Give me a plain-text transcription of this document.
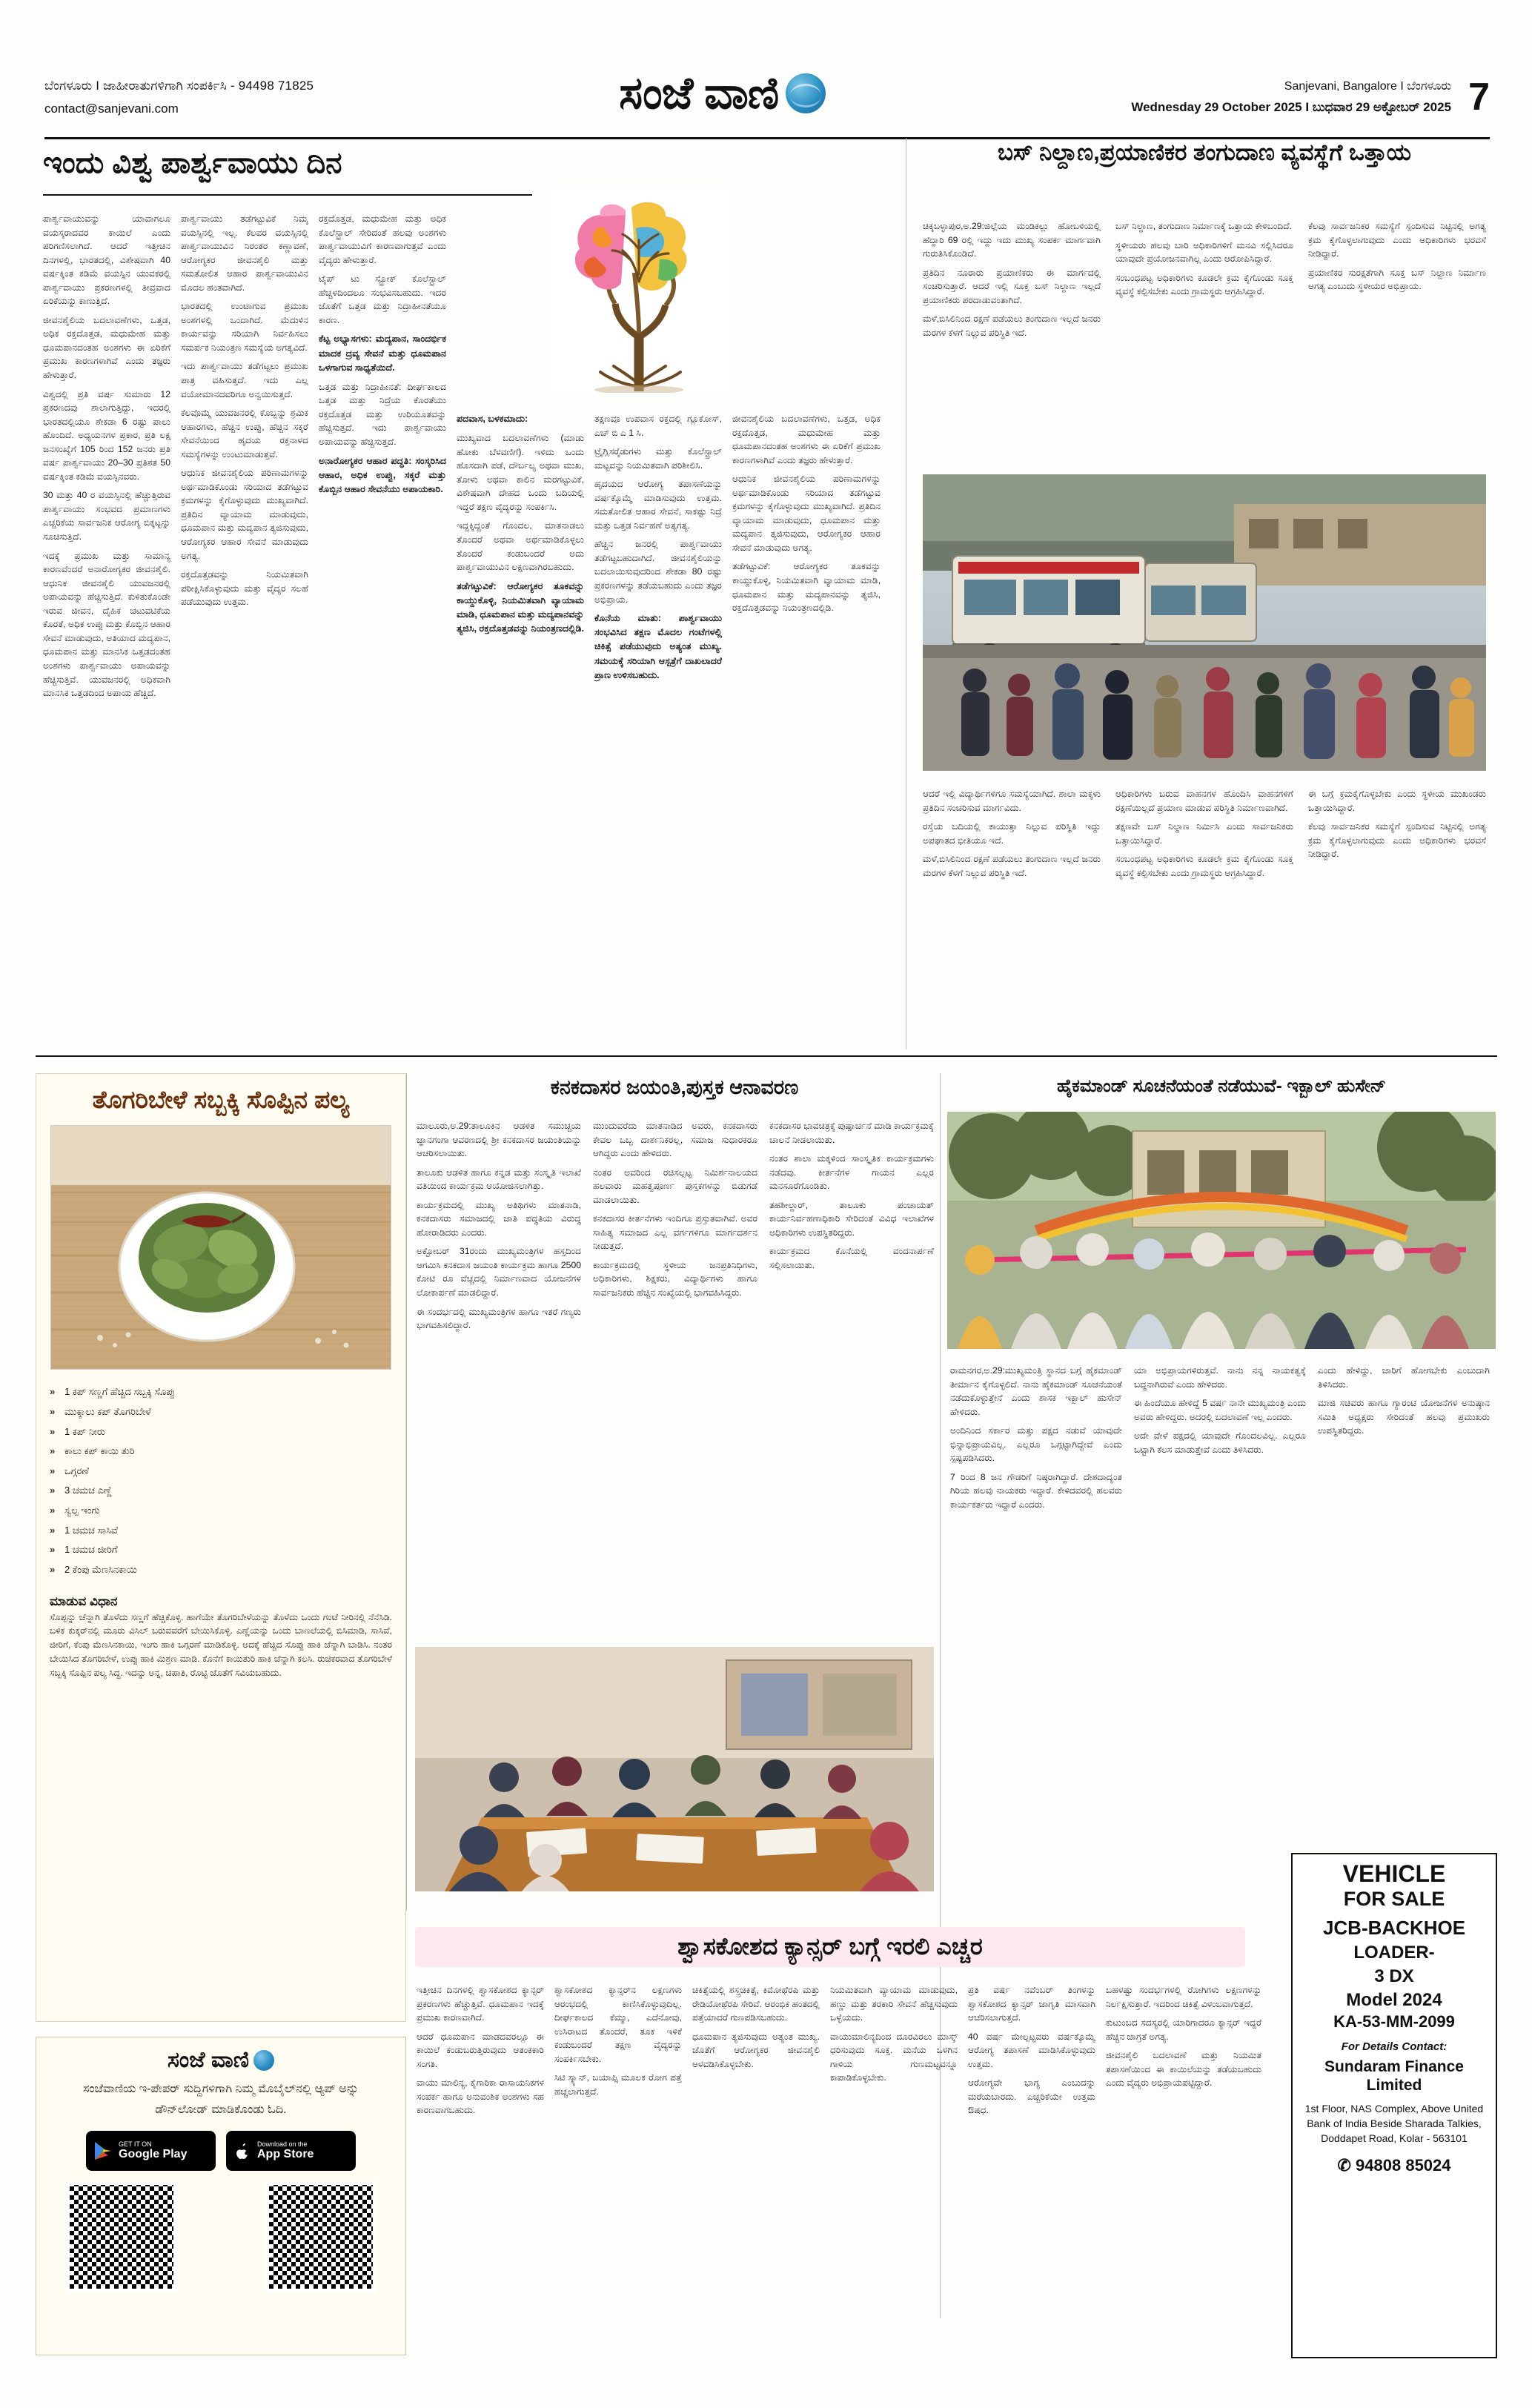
ಬೆಂಗಳೂರು I ಜಾಹೀರಾತುಗಳಿಗಾಗಿ ಸಂಪರ್ಕಿಸಿ - 94498 71825
contact@sanjevani.com	ಸಂಜೆ ವಾಣಿ	Sanjevani, Bangalore I ಬೆಂಗಳೂರು
Wednesday 29 October 2025 I ಬುಧವಾರ 29 ಅಕ್ಟೋಬರ್ 2025 7
ಇಂದು ವಿಶ್ವ ಪಾರ್ಶ್ವವಾಯು ದಿನ

ಪಾರ್ಶ್ವವಾಯುವನ್ನು ಯಾವಾಗಲೂ ವಯಸ್ಕರಾದವರ ಕಾಯಿಲೆ ಎಂದು ಪರಿಗಣಿಸಲಾಗಿದೆ. ಆದರೆ ಇತ್ತೀಚಿನ ದಿನಗಳಲ್ಲಿ, ಭಾರತದಲ್ಲಿ, ವಿಶೇಷವಾಗಿ 40 ವರ್ಷಕ್ಕಿಂತ ಕಡಿಮೆ ವಯಸ್ಸಿನ ಯುವಕರಲ್ಲಿ ಪಾರ್ಶ್ವವಾಯು ಪ್ರಕರಣಗಳಲ್ಲಿ ತೀವ್ರವಾದ ಏರಿಕೆಯನ್ನು ಕಾಣುತ್ತಿದೆ.

ಜೀವನಶೈಲಿಯ ಬದಲಾವಣೆಗಳು, ಒತ್ತಡ, ಅಧಿಕ ರಕ್ತದೊತ್ತಡ, ಮಧುಮೇಹ ಮತ್ತು ಧೂಮಪಾನದಂತಹ ಅಂಶಗಳು ಈ ಏರಿಕೆಗೆ ಪ್ರಮುಖ ಕಾರಣಗಳಾಗಿವೆ ಎಂದು ತಜ್ಞರು ಹೇಳುತ್ತಾರೆ.

ವಿಶ್ವದಲ್ಲಿ ಪ್ರತಿ ವರ್ಷ ಸುಮಾರು 12 ಪ್ರಕರಣದವು ಶಾಲಾಗುತ್ತಿದ್ದು, ಇದರಲ್ಲಿ ಭಾರತದಲ್ಲಿಯೂ ಶೇಕಡಾ 6 ರಷ್ಟು ಪಾಲು ಹೊಂದಿದೆ. ಅಧ್ಯಯನಗಳ ಪ್ರಕಾರ, ಪ್ರತಿ ಲಕ್ಷ ಜನಸಂಖ್ಯೆಗೆ 105 ರಿಂದ 152 ಜನರು ಪ್ರತಿ ವರ್ಷ ಪಾರ್ಶ್ವವಾಯು 20–30 ಪ್ರತಿಶತ 50 ವರ್ಷಕ್ಕಿಂತ ಕಡಿಮೆ ವಯಸ್ಸಿನವರು.

30 ಮತ್ತು 40 ರ ವಯಸ್ಸಿನಲ್ಲಿ ಹೆಚ್ಚುತ್ತಿರುವ ಪಾರ್ಶ್ವವಾಯು ಸಂಭವದ ಪ್ರಮಾಣಗಳು ಎಚ್ಚರಿಕೆಯ ಸಾರ್ವಜನಿಕ ಆರೋಗ್ಯ ಬಿಕ್ಕಟ್ಟನ್ನು ಸೂಚಿಸುತ್ತಿದೆ.

ಇದಕ್ಕೆ ಪ್ರಮುಖ ಮತ್ತು ಸಾಮಾನ್ಯ ಕಾರಣವೆಂದರೆ ಅನಾರೋಗ್ಯಕರ ಜೀವನಶೈಲಿ. ಆಧುನಿಕ ಜೀವನಶೈಲಿ ಯುವಜನರಲ್ಲಿ ಅಪಾಯವನ್ನು ಹೆಚ್ಚಿಸುತ್ತಿದೆ. ಕುಳಿತುಕೊಂಡೇ ಇರುವ ಜೀವನ, ದೈಹಿಕ ಚಟುವಟಿಕೆಯ ಕೊರತೆ, ಅಧಿಕ ಉಪ್ಪು ಮತ್ತು ಕೊಬ್ಬಿನ ಆಹಾರ ಸೇವನೆ ಮಾಡುವುದು, ಅತಿಯಾದ ಮದ್ಯಪಾನ, ಧೂಮಪಾನ ಮತ್ತು ಮಾನಸಿಕ ಒತ್ತಡದಂತಹ ಅಂಶಗಳು ಪಾರ್ಶ್ವವಾಯು ಅಪಾಯವನ್ನು ಹೆಚ್ಚಿಸುತ್ತಿವೆ. ಯುವಜನರಲ್ಲಿ ಅಧಿಕವಾಗಿ ಮಾನಸಿಕ ಒತ್ತಡದಿಂದ ಅಪಾಯ ಹೆಚ್ಚಿದೆ.

ಪಾರ್ಶ್ವವಾಯು ತಡೆಗಟ್ಟುವಿಕೆ ನಿಮ್ಮ ವಯಸ್ಸಿನಲ್ಲಿ ಇಲ್ಲ. ಕೆಲವರ ವಯಸ್ಸಿನಲ್ಲಿ ಪಾರ್ಶ್ವವಾಯುವಿನ ನಿರಂತರ ಕಣ್ಣಾವಣೆ, ಆರೋಗ್ಯಕರ ಜೀವನಶೈಲಿ ಮತ್ತು ಸಮತೋಲಿತ ಆಹಾರ ಪಾರ್ಶ್ವವಾಯುವಿನ ಮೊದಲ ಹಂತವಾಗಿದೆ.

ಭಾರತದಲ್ಲಿ ಉಂಟಾಗುವ ಪ್ರಮುಖ ಅಂಶಗಳಲ್ಲಿ ಒಂದಾಗಿದೆ. ಮೆದುಳಿನ ಕಾರ್ಯವನ್ನು ಸರಿಯಾಗಿ ನಿರ್ವಹಿಸಲು ಸಮರ್ಪಕ ನಿಯಂತ್ರಣ ಸಮಸ್ಯೆಯ ಅಗತ್ಯವಿದೆ.

ಇದು ಪಾರ್ಶ್ವವಾಯು ತಡೆಗಟ್ಟಲು ಪ್ರಮುಖ ಪಾತ್ರ ವಹಿಸುತ್ತದೆ. ಇದು ಎಲ್ಲ ವಯೋಮಾನದವರಿಗೂ ಅನ್ವಯಿಸುತ್ತದೆ.

ಕೆಲವೊಮ್ಮೆ ಯುವಜನರಲ್ಲಿ ಕೊಬ್ಬನ್ನು ಶ್ರಮಿಕ ಆಹಾರಗಳು, ಹೆಚ್ಚಿನ ಉಪ್ಪು, ಹೆಚ್ಚಿನ ಸಕ್ಕರೆ ಸೇವನೆಯಿಂದ ಹೃದಯ ರಕ್ತನಾಳದ ಸಮಸ್ಯೆಗಳನ್ನು ಉಂಟುಮಾಡುತ್ತವೆ.

ಆಧುನಿಕ ಜೀವನಶೈಲಿಯ ಪರಿಣಾಮಗಳನ್ನು ಅರ್ಥಮಾಡಿಕೊಂಡು ಸರಿಯಾದ ತಡೆಗಟ್ಟುವ ಕ್ರಮಗಳನ್ನು ಕೈಗೊಳ್ಳುವುದು ಮುಖ್ಯವಾಗಿದೆ. ಪ್ರತಿದಿನ ವ್ಯಾಯಾಮ ಮಾಡುವುದು, ಧೂಮಪಾನ ಮತ್ತು ಮದ್ಯಪಾನ ತ್ಯಜಿಸುವುದು, ಆರೋಗ್ಯಕರ ಆಹಾರ ಸೇವನೆ ಮಾಡುವುದು ಅಗತ್ಯ.

ರಕ್ತದೊತ್ತಡವನ್ನು ನಿಯಮಿತವಾಗಿ ಪರೀಕ್ಷಿಸಿಕೊಳ್ಳುವುದು ಮತ್ತು ವೈದ್ಯರ ಸಲಹೆ ಪಡೆಯುವುದು ಉತ್ತಮ.

ರಕ್ತದೊತ್ತಡ, ಮಧುಮೇಹ ಮತ್ತು ಅಧಿಕ ಕೊಲೆಸ್ಟ್ರಾಲ್ ಸೇರಿದಂತೆ ಹಲವು ಅಂಶಗಳು ಪಾರ್ಶ್ವವಾಯುವಿಗೆ ಕಾರಣವಾಗುತ್ತವೆ ಎಂದು ವೈದ್ಯರು ಹೇಳುತ್ತಾರೆ.

ಟೈಪ್ ಟು ಸ್ಟ್ರೋಕ್ ಕೊಲೆಸ್ಟ್ರಾಲ್ ಹೆಚ್ಚಳದಿಂದಲೂ ಸಂಭವಿಸಬಹುದು. ಇದರ ಜೊತೆಗೆ ಒತ್ತಡ ಮತ್ತು ನಿದ್ರಾಹೀನತೆಯೂ ಕಾರಣ.

ಕೆಟ್ಟ ಅಭ್ಯಾಸಗಳು: ಮದ್ಯಪಾನ, ಸಾಂದರ್ಭಿಕ ಮಾದಕ ದ್ರವ್ಯ ಸೇವನೆ ಮತ್ತು ಧೂಮಪಾನ ಒಳಗಾಗುವ ಸಾಧ್ಯತೆಯಿದೆ.

ಒತ್ತಡ ಮತ್ತು ನಿದ್ರಾಹೀನತೆ: ದೀರ್ಘಕಾಲದ ಒತ್ತಡ ಮತ್ತು ನಿದ್ರೆಯ ಕೊರತೆಯು ರಕ್ತದೊತ್ತಡ ಮತ್ತು ಉರಿಯೂತವನ್ನು ಹೆಚ್ಚಿಸುತ್ತದೆ. ಇದು ಪಾರ್ಶ್ವವಾಯು ಅಪಾಯವನ್ನು ಹೆಚ್ಚಿಸುತ್ತದೆ.

ಅನಾರೋಗ್ಯಕರ ಆಹಾರ ಪದ್ಧತಿ: ಸಂಸ್ಕರಿಸಿದ ಆಹಾರ, ಅಧಿಕ ಉಪ್ಪು, ಸಕ್ಕರೆ ಮತ್ತು ಕೊಬ್ಬಿನ ಆಹಾರ ಸೇವನೆಯು ಅಪಾಯಕಾರಿ.

ಪದವಾಸ, ಬಳಕಮಾದು:

ಮುಖ್ಯವಾದ ಬದಲಾವಣೆಗಳು (ಮಾಡು ಹೋಕು ಬೆಳವಣಿಗೆ). ಇಳಿದು ಒಂದು ಹೊಸದಾಗಿ ಪಡೆ, ದೌರ್ಬಲ್ಯ ಅಥವಾ ಮುಖ, ತೋಳು ಅಥವಾ ಕಾಲಿನ ಮರಗಟ್ಟುವಿಕೆ, ವಿಶೇಷವಾಗಿ ದೇಹದ ಒಂದು ಬದಿಯಲ್ಲಿ ಇದ್ದರೆ ತಕ್ಷಣ ವೈದ್ಯರನ್ನು ಸಂಪರ್ಕಿಸಿ.

ಇದ್ದಕ್ಕಿದ್ದಂತೆ ಗೊಂದಲ, ಮಾತನಾಡಲು ತೊಂದರೆ ಅಥವಾ ಅರ್ಥಮಾಡಿಕೊಳ್ಳಲು ತೊಂದರೆ ಕಂಡುಬಂದರೆ ಅದು ಪಾರ್ಶ್ವವಾಯುವಿನ ಲಕ್ಷಣವಾಗಿರಬಹುದು.

ತಡೆಗಟ್ಟುವಿಕೆ: ಆರೋಗ್ಯಕರ ತೂಕವನ್ನು ಕಾಯ್ದುಕೊಳ್ಳಿ, ನಿಯಮಿತವಾಗಿ ವ್ಯಾಯಾಮ ಮಾಡಿ, ಧೂಮಪಾನ ಮತ್ತು ಮದ್ಯಪಾನವನ್ನು ತ್ಯಜಿಸಿ, ರಕ್ತದೊತ್ತಡವನ್ನು ನಿಯಂತ್ರಣದಲ್ಲಿಡಿ.

ತಕ್ಷಣವೂ ಉಪವಾಸ ರಕ್ತದಲ್ಲಿ ಗ್ಲೂಕೋಸ್, ಎಚ್ ಬಿ ಎ 1 ಸಿ.

ಟ್ರೈಗ್ಲಿಸರೈಡುಗಳು ಮತ್ತು ಕೊಲೆಸ್ಟ್ರಾಲ್ ಮಟ್ಟವನ್ನು ನಿಯಮಿತವಾಗಿ ಪರಿಶೀಲಿಸಿ.

ಹೃದಯದ ಆರೋಗ್ಯ ತಪಾಸಣೆಯನ್ನು ವರ್ಷಕ್ಕೊಮ್ಮೆ ಮಾಡಿಸುವುದು ಉತ್ತಮ. ಸಮತೋಲಿತ ಆಹಾರ ಸೇವನೆ, ಸಾಕಷ್ಟು ನಿದ್ರೆ ಮತ್ತು ಒತ್ತಡ ನಿರ್ವಹಣೆ ಅತ್ಯಗತ್ಯ.

ಹೆಚ್ಚಿನ ಜನರಲ್ಲಿ ಪಾರ್ಶ್ವವಾಯು ತಡೆಗಟ್ಟಬಹುದಾಗಿದೆ. ಜೀವನಶೈಲಿಯನ್ನು ಬದಲಾಯಿಸುವುದರಿಂದ ಶೇಕಡಾ 80 ರಷ್ಟು ಪ್ರಕರಣಗಳನ್ನು ತಡೆಯಬಹುದು ಎಂದು ತಜ್ಞರ ಅಭಿಪ್ರಾಯ.

ಕೊನೆಯ ಮಾತು: ಪಾರ್ಶ್ವವಾಯು ಸಂಭವಿಸಿದ ತಕ್ಷಣ ಮೊದಲ ಗಂಟೆಗಳಲ್ಲಿ ಚಿಕಿತ್ಸೆ ಪಡೆಯುವುದು ಅತ್ಯಂತ ಮುಖ್ಯ. ಸಮಯಕ್ಕೆ ಸರಿಯಾಗಿ ಆಸ್ಪತ್ರೆಗೆ ದಾಖಲಾದರೆ ಪ್ರಾಣ ಉಳಿಸಬಹುದು.

ಜೀವನಶೈಲಿಯ ಬದಲಾವಣೆಗಳು, ಒತ್ತಡ, ಅಧಿಕ ರಕ್ತದೊತ್ತಡ, ಮಧುಮೇಹ ಮತ್ತು ಧೂಮಪಾನದಂತಹ ಅಂಶಗಳು ಈ ಏರಿಕೆಗೆ ಪ್ರಮುಖ ಕಾರಣಗಳಾಗಿವೆ ಎಂದು ತಜ್ಞರು ಹೇಳುತ್ತಾರೆ.

ಆಧುನಿಕ ಜೀವನಶೈಲಿಯ ಪರಿಣಾಮಗಳನ್ನು ಅರ್ಥಮಾಡಿಕೊಂಡು ಸರಿಯಾದ ತಡೆಗಟ್ಟುವ ಕ್ರಮಗಳನ್ನು ಕೈಗೊಳ್ಳುವುದು ಮುಖ್ಯವಾಗಿದೆ. ಪ್ರತಿದಿನ ವ್ಯಾಯಾಮ ಮಾಡುವುದು, ಧೂಮಪಾನ ಮತ್ತು ಮದ್ಯಪಾನ ತ್ಯಜಿಸುವುದು, ಆರೋಗ್ಯಕರ ಆಹಾರ ಸೇವನೆ ಮಾಡುವುದು ಅಗತ್ಯ.

ತಡೆಗಟ್ಟುವಿಕೆ: ಆರೋಗ್ಯಕರ ತೂಕವನ್ನು ಕಾಯ್ದುಕೊಳ್ಳಿ, ನಿಯಮಿತವಾಗಿ ವ್ಯಾಯಾಮ ಮಾಡಿ, ಧೂಮಪಾನ ಮತ್ತು ಮದ್ಯಪಾನವನ್ನು ತ್ಯಜಿಸಿ, ರಕ್ತದೊತ್ತಡವನ್ನು ನಿಯಂತ್ರಣದಲ್ಲಿಡಿ.

ಬಸ್ ನಿಲ್ದಾಣ,ಪ್ರಯಾಣಿಕರ ತಂಗುದಾಣ ವ್ಯವಸ್ಥೆಗೆ ಒತ್ತಾಯ

ಚಿಕ್ಕಬಳ್ಳಾಪುರ,ಅ.29:ಜಿಲ್ಲೆಯ ಮಂಡಿಕಲ್ಲು ಹೋಬಳಿಯಲ್ಲಿ ಹೆದ್ದಾರಿ 69 ರಲ್ಲಿ ಇದ್ದು ಇದು ಮುಖ್ಯ ಸಂಪರ್ಕ ಮಾರ್ಗವಾಗಿ ಗುರುತಿಸಿಕೊಂಡಿದೆ.

ಪ್ರತಿದಿನ ನೂರಾರು ಪ್ರಯಾಣಿಕರು ಈ ಮಾರ್ಗದಲ್ಲಿ ಸಂಚರಿಸುತ್ತಾರೆ. ಆದರೆ ಇಲ್ಲಿ ಸೂಕ್ತ ಬಸ್ ನಿಲ್ದಾಣ ಇಲ್ಲದೆ ಪ್ರಯಾಣಿಕರು ಪರದಾಡುವಂತಾಗಿದೆ.

ಮಳೆ,ಬಿಸಿಲಿನಿಂದ ರಕ್ಷಣೆ ಪಡೆಯಲು ತಂಗುದಾಣ ಇಲ್ಲದೆ ಜನರು ಮರಗಳ ಕೆಳಗೆ ನಿಲ್ಲುವ ಪರಿಸ್ಥಿತಿ ಇದೆ.

ಬಸ್ ನಿಲ್ದಾಣ, ತಂಗುದಾಣ ನಿರ್ಮಾಣಕ್ಕೆ ಒತ್ತಾಯ ಕೇಳಿಬಂದಿದೆ.

ಸ್ಥಳೀಯರು ಹಲವು ಬಾರಿ ಅಧಿಕಾರಿಗಳಿಗೆ ಮನವಿ ಸಲ್ಲಿಸಿದರೂ ಯಾವುದೇ ಪ್ರಯೋಜನವಾಗಿಲ್ಲ ಎಂದು ಆರೋಪಿಸಿದ್ದಾರೆ.

ಸಂಬಂಧಪಟ್ಟ ಅಧಿಕಾರಿಗಳು ಕೂಡಲೇ ಕ್ರಮ ಕೈಗೊಂಡು ಸೂಕ್ತ ವ್ಯವಸ್ಥೆ ಕಲ್ಪಿಸಬೇಕು ಎಂದು ಗ್ರಾಮಸ್ಥರು ಆಗ್ರಹಿಸಿದ್ದಾರೆ.

ಕೆಲವು ಸಾರ್ವಜನಿಕರ ಸಮಸ್ಯೆಗೆ ಸ್ಪಂದಿಸುವ ನಿಟ್ಟಿನಲ್ಲಿ ಅಗತ್ಯ ಕ್ರಮ ಕೈಗೊಳ್ಳಲಾಗುವುದು ಎಂದು ಅಧಿಕಾರಿಗಳು ಭರವಸೆ ನೀಡಿದ್ದಾರೆ.

ಪ್ರಯಾಣಿಕರ ಸುರಕ್ಷತೆಗಾಗಿ ಸೂಕ್ತ ಬಸ್ ನಿಲ್ದಾಣ ನಿರ್ಮಾಣ ಅಗತ್ಯ ಎಂಬುದು ಸ್ಥಳೀಯರ ಅಭಿಪ್ರಾಯ.

ಆದರೆ ಇಲ್ಲಿ ವಿದ್ಯಾರ್ಥಿಗಳಿಗೂ ಸಮಸ್ಯೆಯಾಗಿದೆ. ಶಾಲಾ ಮಕ್ಕಳು ಪ್ರತಿದಿನ ಸಂಚರಿಸುವ ಮಾರ್ಗವಿದು.

ರಸ್ತೆಯ ಬದಿಯಲ್ಲಿ ಕಾಯುತ್ತಾ ನಿಲ್ಲುವ ಪರಿಸ್ಥಿತಿ ಇದ್ದು ಅಪಘಾತದ ಭೀತಿಯೂ ಇದೆ.

ಮಳೆ,ಬಿಸಿಲಿನಿಂದ ರಕ್ಷಣೆ ಪಡೆಯಲು ತಂಗುದಾಣ ಇಲ್ಲದೆ ಜನರು ಮರಗಳ ಕೆಳಗೆ ನಿಲ್ಲುವ ಪರಿಸ್ಥಿತಿ ಇದೆ.

ಆಧಿಕಾರಿಗಳು ಬರುವ ವಾಹನಗಳ ಹೊಂದಿಸಿ ವಾಹನಗಳಿಗೆ ರಕ್ಷಣೆಯಿಲ್ಲದೆ ಪ್ರಯಾಣ ಮಾಡುವ ಪರಿಸ್ಥಿತಿ ನಿರ್ಮಾಣವಾಗಿದೆ.

ತಕ್ಷಣವೇ ಬಸ್ ನಿಲ್ದಾಣ ನಿರ್ಮಿಸಿ ಎಂದು ಸಾರ್ವಜನಿಕರು ಒತ್ತಾಯಿಸಿದ್ದಾರೆ.

ಸಂಬಂಧಪಟ್ಟ ಅಧಿಕಾರಿಗಳು ಕೂಡಲೇ ಕ್ರಮ ಕೈಗೊಂಡು ಸೂಕ್ತ ವ್ಯವಸ್ಥೆ ಕಲ್ಪಿಸಬೇಕು ಎಂದು ಗ್ರಾಮಸ್ಥರು ಆಗ್ರಹಿಸಿದ್ದಾರೆ.

ಈ ಬಗ್ಗೆ ಕ್ರಮಕೈಗೊಳ್ಳಬೇಕು ಎಂದು ಸ್ಥಳೀಯ ಮುಖಂಡರು ಒತ್ತಾಯಿಸಿದ್ದಾರೆ.

ಕೆಲವು ಸಾರ್ವಜನಿಕರ ಸಮಸ್ಯೆಗೆ ಸ್ಪಂದಿಸುವ ನಿಟ್ಟಿನಲ್ಲಿ ಅಗತ್ಯ ಕ್ರಮ ಕೈಗೊಳ್ಳಲಾಗುವುದು ಎಂದು ಅಧಿಕಾರಿಗಳು ಭರವಸೆ ನೀಡಿದ್ದಾರೆ.

ತೊಗರಿಬೇಳೆ ಸಬ್ಬಕ್ಕಿ ಸೊಪ್ಪಿನ ಪಲ್ಯ
» 1 ಕಪ್ ಸಣ್ಣಗೆ ಹೆಚ್ಚಿದ ಸಬ್ಬಕ್ಕಿ ಸೊಪ್ಪು
» ಮುಕ್ಕಾಲು ಕಪ್ ತೊಗರಿಬೇಳೆ
» 1 ಕಪ್ ನೀರು
» ಕಾಲು ಕಪ್ ಕಾಯಿ ತುರಿ
» ಒಗ್ಗರಣೆ
» 3 ಚಮಚ ಎಣ್ಣೆ
» ಸ್ವಲ್ಪ ಇಂಗು
» 1 ಚಮಚ ಸಾಸಿವೆ
» 1 ಚಮಚ ಜೀರಿಗೆ
» 2 ಕೆಂಪು ಮೆಣಸಿನಕಾಯಿ
ಮಾಡುವ ವಿಧಾನ
ಸೊಪ್ಪನ್ನು ಚೆನ್ನಾಗಿ ತೊಳೆದು ಸಣ್ಣಗೆ ಹೆಚ್ಚಿಕೊಳ್ಳಿ. ಹಾಗೆಯೇ ತೊಗರಿಬೇಳೆಯನ್ನು ತೊಳೆದು ಒಂದು ಗಂಟೆ ನೀರಿನಲ್ಲಿ ನೆನೆಸಿಡಿ. ಬಳಿಕ ಕುಕ್ಕರ್‌ನಲ್ಲಿ ಮೂರು ವಿಸಿಲ್ ಬರುವವರೆಗೆ ಬೇಯಿಸಿಕೊಳ್ಳಿ. ಎಣ್ಣೆಯನ್ನು ಒಂದು ಬಾಣಲೆಯಲ್ಲಿ ಬಿಸಿಮಾಡಿ, ಸಾಸಿವೆ, ಜೀರಿಗೆ, ಕೆಂಪು ಮೆಣಸಿನಕಾಯಿ, ಇಂಗು ಹಾಕಿ ಒಗ್ಗರಣೆ ಮಾಡಿಕೊಳ್ಳಿ. ಅದಕ್ಕೆ ಹೆಚ್ಚಿದ ಸೊಪ್ಪು ಹಾಕಿ ಚೆನ್ನಾಗಿ ಬಾಡಿಸಿ. ನಂತರ ಬೇಯಿಸಿದ ತೊಗರಿಬೇಳೆ, ಉಪ್ಪು ಹಾಕಿ ಮಿಶ್ರಣ ಮಾಡಿ. ಕೊನೆಗೆ ಕಾಯಿತುರಿ ಹಾಕಿ ಚೆನ್ನಾಗಿ ಕಲಸಿ. ರುಚಿಕರವಾದ ತೊಗರಿಬೇಳೆ ಸಬ್ಬಕ್ಕಿ ಸೊಪ್ಪಿನ ಪಲ್ಯ ಸಿದ್ಧ. ಇದನ್ನು ಅನ್ನ, ಚಪಾತಿ, ರೊಟ್ಟಿ ಜೊತೆಗೆ ಸವಿಯಬಹುದು.
ಸಂಜೆ ವಾಣಿ
ಸಂಜೆವಾಣಿಯ ಇ-ಪೇಪರ್ ಸುದ್ದಿಗಳಿಗಾಗಿ ನಿಮ್ಮ ಮೊಬೈಲ್‌ನಲ್ಲಿ ಆ್ಯಪ್ ಅನ್ನು ಡೌನ್‌ಲೋಡ್ ಮಾಡಿಕೊಂಡು ಓದಿ.
GET IT ON
Google Play
Download on the
App Store
ಕನಕದಾಸರ ಜಯಂತಿ,ಪುಸ್ತಕ ಆನಾವರಣ

ಮಾಲೂರು,ಅ.29:ತಾಲೂಕಿನ ಆಡಳಿತ ಸಮುಚ್ಚಯ ಜ್ಞಾನಗಂಗಾ ಆವರಣದಲ್ಲಿ ಶ್ರೀ ಕನಕದಾಸರ ಜಯಂತಿಯನ್ನು ಆಚರಿಸಲಾಯಿತು.

ತಾಲೂಕು ಆಡಳಿತ ಹಾಗೂ ಕನ್ನಡ ಮತ್ತು ಸಂಸ್ಕೃತಿ ಇಲಾಖೆ ವತಿಯಿಂದ ಕಾರ್ಯಕ್ರಮ ಆಯೋಜಿಸಲಾಗಿತ್ತು.

ಕಾರ್ಯಕ್ರಮದಲ್ಲಿ ಮುಖ್ಯ ಅತಿಥಿಗಳು ಮಾತನಾಡಿ, ಕನಕದಾಸರು ಸಮಾಜದಲ್ಲಿ ಜಾತಿ ಪದ್ಧತಿಯ ವಿರುದ್ಧ ಹೋರಾಡಿದರು ಎಂದರು.

ಅಕ್ಟೋಬರ್ 31ರಂದು ಮುಖ್ಯಮಂತ್ರಿಗಳ ಹಸ್ತದಿಂದ ಆಗಮಿಸಿ ಕನಕದಾಸ ಜಯಂತಿ ಕಾರ್ಯಕ್ರಮ ಹಾಗೂ 2500 ಕೋಟಿ ರೂ ವೆಚ್ಚದಲ್ಲಿ ನಿರ್ಮಾಣವಾದ ಯೋಜನೆಗಳ ಲೋಕಾರ್ಪಣೆ ಮಾಡಲಿದ್ದಾರೆ.

ಈ ಸಂದರ್ಭದಲ್ಲಿ ಮುಖ್ಯಮಂತ್ರಿಗಳ ಹಾಗೂ ಇತರೆ ಗಣ್ಯರು ಭಾಗವಹಿಸಲಿದ್ದಾರೆ.

ಮುಂದುವರೆದು ಮಾತನಾಡಿದ ಅವರು, ಕನಕದಾಸರು ಕೇವಲ ಒಬ್ಬ ದಾರ್ಶನಿಕರಲ್ಲ, ಸಮಾಜ ಸುಧಾರಕರೂ ಆಗಿದ್ದರು ಎಂದು ಹೇಳಿದರು.

ನಂತರ ಅವರಿಂದ ರಚಿಸಲ್ಪಟ್ಟ ನಿಮಿರ್ಶನಾಲಯದ ಹಲವಾರು ಮಹತ್ವಪೂರ್ಣ ಪುಸ್ತಕಗಳನ್ನು ಬಿಡುಗಡೆ ಮಾಡಲಾಯಿತು.

ಕನಕದಾಸರ ಕೀರ್ತನೆಗಳು ಇಂದಿಗೂ ಪ್ರಸ್ತುತವಾಗಿವೆ. ಅವರ ಸಾಹಿತ್ಯ ಸಮಾಜದ ಎಲ್ಲ ವರ್ಗಗಳಿಗೂ ಮಾರ್ಗದರ್ಶನ ನೀಡುತ್ತದೆ.

ಕಾರ್ಯಕ್ರಮದಲ್ಲಿ ಸ್ಥಳೀಯ ಜನಪ್ರತಿನಿಧಿಗಳು, ಅಧಿಕಾರಿಗಳು, ಶಿಕ್ಷಕರು, ವಿದ್ಯಾರ್ಥಿಗಳು ಹಾಗೂ ಸಾರ್ವಜನಿಕರು ಹೆಚ್ಚಿನ ಸಂಖ್ಯೆಯಲ್ಲಿ ಭಾಗವಹಿಸಿದ್ದರು.

ಕನಕದಾಸರ ಭಾವಚಿತ್ರಕ್ಕೆ ಪುಷ್ಪಾರ್ಚನೆ ಮಾಡಿ ಕಾರ್ಯಕ್ರಮಕ್ಕೆ ಚಾಲನೆ ನೀಡಲಾಯಿತು.

ನಂತರ ಶಾಲಾ ಮಕ್ಕಳಿಂದ ಸಾಂಸ್ಕೃತಿಕ ಕಾರ್ಯಕ್ರಮಗಳು ನಡೆದವು. ಕೀರ್ತನೆಗಳ ಗಾಯನ ಎಲ್ಲರ ಮನಸೂರೆಗೊಂಡಿತು.

ತಹಶೀಲ್ದಾರ್, ತಾಲೂಕು ಪಂಚಾಯತ್ ಕಾರ್ಯನಿರ್ವಹಣಾಧಿಕಾರಿ ಸೇರಿದಂತೆ ವಿವಿಧ ಇಲಾಖೆಗಳ ಅಧಿಕಾರಿಗಳು ಉಪಸ್ಥಿತರಿದ್ದರು.

ಕಾರ್ಯಕ್ರಮದ ಕೊನೆಯಲ್ಲಿ ವಂದನಾರ್ಪಣೆ ಸಲ್ಲಿಸಲಾಯಿತು.

ಹೈಕಮಾಂಡ್ ಸೂಚನೆಯಂತೆ ನಡೆಯುವೆ- ಇಕ್ಬಾಲ್ ಹುಸೇನ್

ರಾಮನಗರ,ಅ.29:ಮುಖ್ಯಮಂತ್ರಿ ಸ್ಥಾನದ ಬಗ್ಗೆ ಹೈಕಮಾಂಡ್ ತೀರ್ಮಾನ ಕೈಗೊಳ್ಳಲಿದೆ. ನಾನು ಹೈಕಮಾಂಡ್ ಸೂಚನೆಯಂತೆ ನಡೆದುಕೊಳ್ಳುತ್ತೇನೆ ಎಂದು ಶಾಸಕ ಇಕ್ಬಾಲ್ ಹುಸೇನ್ ಹೇಳಿದರು.

ಅಂದಿನಿಂದ ಸರ್ಕಾರ ಮತ್ತು ಪಕ್ಷದ ನಡುವೆ ಯಾವುದೇ ಭಿನ್ನಾಭಿಪ್ರಾಯವಿಲ್ಲ. ಎಲ್ಲರೂ ಒಗ್ಗಟ್ಟಾಗಿದ್ದೇವೆ ಎಂದು ಸ್ಪಷ್ಟಪಡಿಸಿದರು.

7 ರಿಂದ 8 ಜನ ಗೌಡರಿಗೆ ನಿಷ್ಠರಾಗಿದ್ದಾರೆ. ದೇಶದಾದ್ಯಂತ ಗಿರಿಯ ಹಲವು ನಾಯಕರು ಇದ್ದಾರೆ. ಕೇಳಿದವರಲ್ಲಿ ಹಲವರು ಕಾರ್ಯಕರ್ತರು ಇದ್ದಾರೆ ಎಂದರು.

ಯಾ ಅಭಿಪ್ರಾಯಗಳಿರುತ್ತವೆ. ನಾನು ನನ್ನ ನಾಯಕತ್ವಕ್ಕೆ ಬದ್ಧನಾಗಿರುವೆ ಎಂದು ಹೇಳಿದರು.

ಈ ಹಿಂದೆಯೂ ಹೇಳಿದ್ದೆ 5 ವರ್ಷ ನಾನೇ ಮುಖ್ಯಮಂತ್ರಿ ಎಂದು ಅವರು ಹೇಳಿದ್ದರು. ಅದರಲ್ಲಿ ಬದಲಾವಣೆ ಇಲ್ಲ ಎಂದರು.

ಅದೇ ವೇಳೆ ಪಕ್ಷದಲ್ಲಿ ಯಾವುದೇ ಗೊಂದಲವಿಲ್ಲ. ಎಲ್ಲರೂ ಒಟ್ಟಾಗಿ ಕೆಲಸ ಮಾಡುತ್ತೇವೆ ಎಂದು ತಿಳಿಸಿದರು.

ಎಂದು ಹೇಳಿದ್ದು, ಜಾರಿಗೆ ಹೋಗಬೇಕು ಎಂಬುದಾಗಿ ತಿಳಿಸಿದರು.

ಮಾಜಿ ಸಚಿವರು ಹಾಗೂ ಗ್ಯಾರಂಟಿ ಯೋಜನೆಗಳ ಅನುಷ್ಠಾನ ಸಮಿತಿ ಅಧ್ಯಕ್ಷರು ಸೇರಿದಂತೆ ಹಲವು ಪ್ರಮುಖರು ಉಪಸ್ಥಿತರಿದ್ದರು.

ಶ್ವಾಸಕೋಶದ ಕ್ಯಾನ್ಸರ್ ಬಗ್ಗೆ ಇರಲಿ ಎಚ್ಚರ

ಇತ್ತೀಚಿನ ದಿನಗಳಲ್ಲಿ ಶ್ವಾಸಕೋಶದ ಕ್ಯಾನ್ಸರ್ ಪ್ರಕರಣಗಳು ಹೆಚ್ಚುತ್ತಿವೆ. ಧೂಮಪಾನ ಇದಕ್ಕೆ ಪ್ರಮುಖ ಕಾರಣವಾಗಿದೆ.

ಆದರೆ ಧೂಮಪಾನ ಮಾಡದವರಲ್ಲೂ ಈ ಕಾಯಿಲೆ ಕಂಡುಬರುತ್ತಿರುವುದು ಆತಂಕಕಾರಿ ಸಂಗತಿ.

ವಾಯು ಮಾಲಿನ್ಯ, ಕೈಗಾರಿಕಾ ರಾಸಾಯನಿಕಗಳ ಸಂಪರ್ಕ ಹಾಗೂ ಅನುವಂಶಿಕ ಅಂಶಗಳು ಸಹ ಕಾರಣವಾಗಬಹುದು.

ಶ್ವಾಸಕೋಶದ ಕ್ಯಾನ್ಸರ್‌ನ ಲಕ್ಷಣಗಳು ಆರಂಭದಲ್ಲಿ ಕಾಣಿಸಿಕೊಳ್ಳುವುದಿಲ್ಲ. ದೀರ್ಘಕಾಲದ ಕೆಮ್ಮು, ಎದೆನೋವು, ಉಸಿರಾಟದ ತೊಂದರೆ, ತೂಕ ಇಳಿಕೆ ಕಂಡುಬಂದರೆ ತಕ್ಷಣ ವೈದ್ಯರನ್ನು ಸಂಪರ್ಕಿಸಬೇಕು.

ಸಿಟಿ ಸ್ಕ್ಯಾನ್, ಬಯಾಪ್ಸಿ ಮೂಲಕ ರೋಗ ಪತ್ತೆ ಹಚ್ಚಲಾಗುತ್ತದೆ.

ಚಿಕಿತ್ಸೆಯಲ್ಲಿ ಶಸ್ತ್ರಚಿಕಿತ್ಸೆ, ಕಿಮೋಥೆರಪಿ ಮತ್ತು ರೇಡಿಯೋಥೆರಪಿ ಸೇರಿವೆ. ಆರಂಭಿಕ ಹಂತದಲ್ಲಿ ಪತ್ತೆಯಾದರೆ ಗುಣಪಡಿಸಬಹುದು.

ಧೂಮಪಾನ ತ್ಯಜಿಸುವುದು ಅತ್ಯಂತ ಮುಖ್ಯ. ಜೊತೆಗೆ ಆರೋಗ್ಯಕರ ಜೀವನಶೈಲಿ ಅಳವಡಿಸಿಕೊಳ್ಳಬೇಕು.

ನಿಯಮಿತವಾಗಿ ವ್ಯಾಯಾಮ ಮಾಡುವುದು, ಹಣ್ಣು ಮತ್ತು ತರಕಾರಿ ಸೇವನೆ ಹೆಚ್ಚಿಸುವುದು ಒಳ್ಳೆಯದು.

ವಾಯುಮಾಲಿನ್ಯದಿಂದ ದೂರವಿರಲು ಮಾಸ್ಕ್ ಧರಿಸುವುದು ಸೂಕ್ತ. ಮನೆಯ ಒಳಗಿನ ಗಾಳಿಯ ಗುಣಮಟ್ಟವನ್ನೂ ಕಾಪಾಡಿಕೊಳ್ಳಬೇಕು.

ಪ್ರತಿ ವರ್ಷ ನವೆಂಬರ್ ತಿಂಗಳನ್ನು ಶ್ವಾಸಕೋಶದ ಕ್ಯಾನ್ಸರ್ ಜಾಗೃತಿ ಮಾಸವಾಗಿ ಆಚರಿಸಲಾಗುತ್ತದೆ.

40 ವರ್ಷ ಮೇಲ್ಪಟ್ಟವರು ವರ್ಷಕ್ಕೊಮ್ಮೆ ಆರೋಗ್ಯ ತಪಾಸಣೆ ಮಾಡಿಸಿಕೊಳ್ಳುವುದು ಉತ್ತಮ.

ಆರೋಗ್ಯವೇ ಭಾಗ್ಯ ಎಂಬುದನ್ನು ಮರೆಯಬಾರದು. ಎಚ್ಚರಿಕೆಯೇ ಉತ್ತಮ ಔಷಧ.

ಬಹಳಷ್ಟು ಸಂದರ್ಭಗಳಲ್ಲಿ ರೋಗಿಗಳು ಲಕ್ಷಣಗಳನ್ನು ನಿರ್ಲಕ್ಷಿಸುತ್ತಾರೆ. ಇದರಿಂದ ಚಿಕಿತ್ಸೆ ವಿಳಂಬವಾಗುತ್ತದೆ.

ಕುಟುಂಬದ ಸದಸ್ಯರಲ್ಲಿ ಯಾರಿಗಾದರೂ ಕ್ಯಾನ್ಸರ್ ಇದ್ದರೆ ಹೆಚ್ಚಿನ ಜಾಗ್ರತೆ ಅಗತ್ಯ.

ಜೀವನಶೈಲಿ ಬದಲಾವಣೆ ಮತ್ತು ನಿಯಮಿತ ತಪಾಸಣೆಯಿಂದ ಈ ಕಾಯಿಲೆಯನ್ನು ತಡೆಯಬಹುದು ಎಂದು ವೈದ್ಯರು ಅಭಿಪ್ರಾಯಪಟ್ಟಿದ್ದಾರೆ.

VEHICLE
FOR SALE
JCB-BACKHOE
LOADER-
3 DX
Model 2024
KA-53-MM-2099
For Details Contact:
Sundaram Finance Limited
1st Floor, NAS Complex, Above United Bank of India Beside Sharada Talkies, Doddapet Road, Kolar - 563101
✆ 94808 85024
